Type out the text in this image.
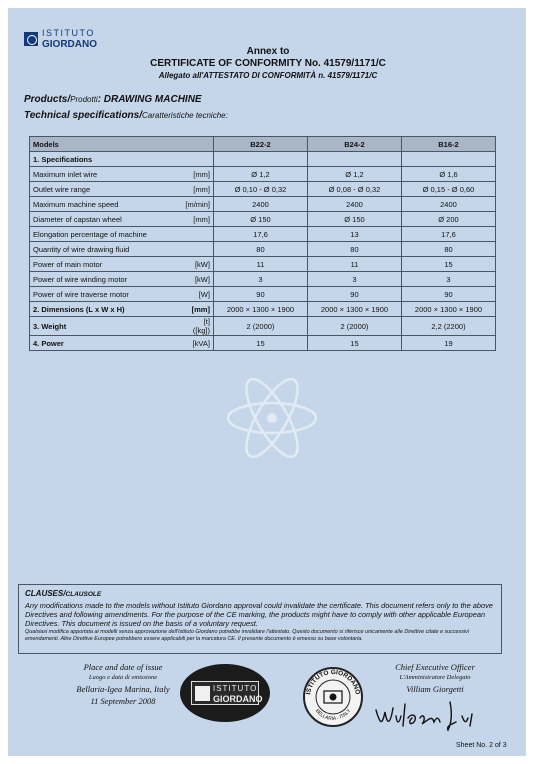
ISTITUTO
GIORDANO
Annex to
CERTIFICATE OF CONFORMITY No. 41579/1171/C
Allegato all'ATTESTATO DI CONFORMITÀ n. 41579/1171/C
Products/Prodotti: DRAWING MACHINE
Technical specifications/Caratteristiche tecniche:
Models		B22-2	B24-2	B16-2
1. Specifications				
Maximum inlet wire	[mm]	Ø 1,2	Ø 1,2	Ø 1,6
Outlet wire range	[mm]	Ø 0,10 - Ø 0,32	Ø 0,08 - Ø 0,32	Ø 0,15 - Ø 0,60
Maximum machine speed	[m/min]	2400	2400	2400
Diameter of capstan wheel	[mm]	Ø 150	Ø 150	Ø 200
Elongation percentage of machine		17,6	13	17,6
Quantity of wire drawing fluid		80	80	80
Power of main motor	[kW]	11	11	15
Power of wire winding motor	[kW]	3	3	3
Power of wire traverse motor	[W]	90	90	90
2. Dimensions (L x W x H)	[mm]	2000 × 1300 × 1900	2000 × 1300 × 1900	2000 × 1300 × 1900
3. Weight	[t] ([kg])	2 (2000)	2 (2000)	2,2 (2200)
4. Power	[kVA]	15	15	19
CLAUSES/CLAUSOLE
Any modifications made to the models without Istituto Giordano approval could invalidate the certificate. This document refers only to the above Directives and following amendments. For the purpose of the CE marking, the products might have to comply with other applicable European Directives. This document is issued on the basis of a voluntary request.
Qualsiasi modifica apportata ai modelli senza approvazione dell'Istituto Giordano potrebbe invalidare l'attestato. Questo documento si riferisce unicamente alle Direttive citate e successivi emendamenti. Altre Direttive Europee potrebbero essere applicabili per la marcatura CE. Il presente documento è emesso su base volontaria.
Place and date of issue
Luogo e data di emissione
Bellaria-Igea Marina, Italy
11 September 2008
ISTITUTO
GIORDANO
ISTITUTO GIORDANO
BELLARIA - ITALY
Chief Executive Officer
L'Amministratore Delegato
Villiam Giorgetti
Sheet No. 2 of 3
